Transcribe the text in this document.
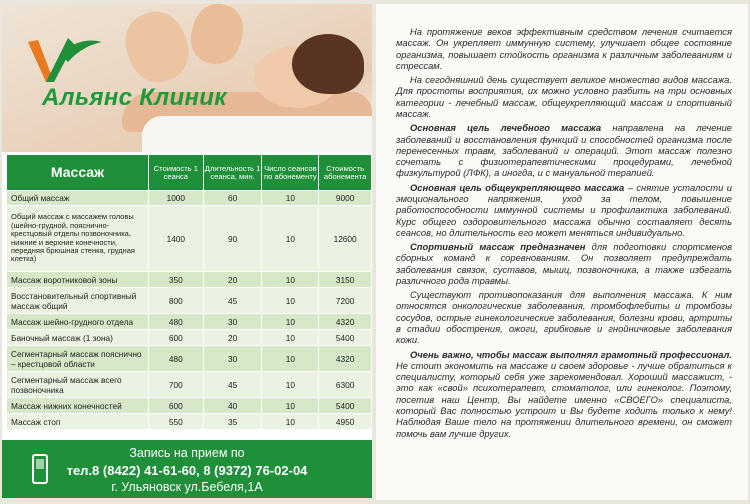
Альянс Клиник
Массаж	Стоимость 1 сеанса	Длительность 1 сеанса, мин.	Число сеансов по абонементу	Стоимость абонемента
Общий массаж	1000	60	10	9000
Общий массаж с массажем головы (шейно-грудной, пояснично-крестцовый отделы позвоночника, нижние и верхние конечности, передняя брюшная стенка, грудная клетка)	1400	90	10	12600
Массаж воротниковой зоны	350	20	10	3150
Восстановительный спортивный массаж общий	800	45	10	7200
Массаж шейно-грудного отдела	480	30	10	4320
Баночный массаж (1 зона)	600	20	10	5400
Сегментарный массаж пояснично – крестцовой области	480	30	10	4320
Сегментарный массаж всего позвоночника	700	45	10	6300
Массаж нижних конечностей	600	40	10	5400
Массаж стоп	550	35	10	4950
Запись на прием по
тел.8 (8422) 41-61-60, 8 (9372) 76-02-04
г. Ульяновск ул.Бебеля,1А

На протяжение веков эффективным средством лечения считается массаж. Он укрепляет иммунную систему, улучшает общее состояние организма, повышает стойкость организма к различным заболеваниям и стрессам.

На сегодняшний день существует великое множество видов массажа. Для простоты восприятия, их можно условно разбить на три основных категории - лечебный массаж, общеукрепляющий массаж и спортивный массаж.

Основная цель лечебного массажа направлена на лечение заболеваний и восстановления функций и способностей организма после перенесенных травм, заболеваний и операций. Этот массаж полезно сочетать с физиотерапевтическими процедурами, лечебной физкультурой (ЛФК), а иногда, и с мануальной терапией.

Основная цель общеукрепляющего массажа – снятие усталости и эмоционального напряжения, уход за телом, повышение работоспособности иммунной системы и профилактика заболеваний. Курс общего оздоровительного массажа обычно составляет десять сеансов, но длительность его может меняться индивидуально.

Спортивный массаж предназначен для подготовки спортсменов сборных команд к соревнованиям. Он позволяет предупреждать заболевания связок, суставов, мышц, позвоночника, а также избегать различного рода травмы.

Существуют противопоказания для выполнения массажа. К ним относятся онкологические заболевания, тромбофлебиты и тромбозы сосудов, острые гинекологические заболевания, болезни крови, артриты в стадии обострения, ожоги, грибковые и гнойничковые заболевания кожи.

Очень важно, чтобы массаж выполнял грамотный профессионал. Не стоит экономить на массаже и своем здоровье - лучше обратиться к специалисту, который себя уже зарекомендовал. Хороший массажист, - это как «свой» психотерапевт, стоматолог, или гинеколог. Поэтому, посетив наш Центр, Вы найдете именно «СВОЕГО» специалиста, который Вас полностью устроит и Вы будете ходить только к нему! Наблюдая Ваше тело на протяжении длительного времени, он сможет помочь вам лучше других.
